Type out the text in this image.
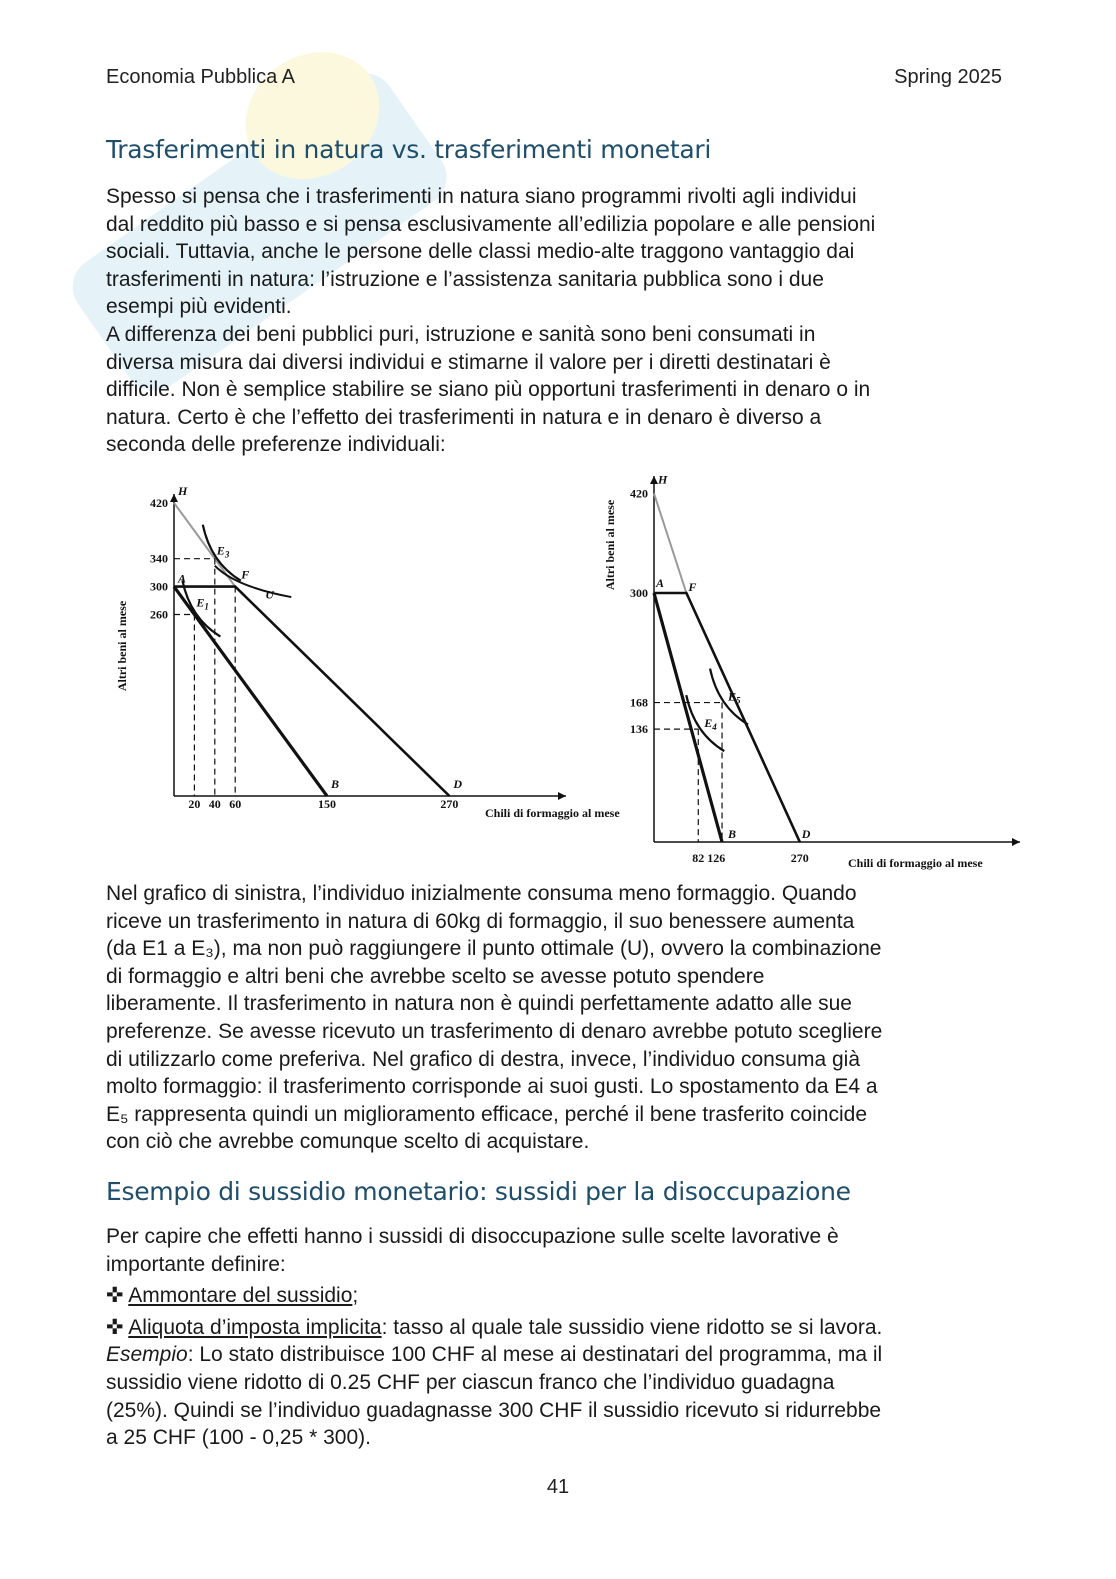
Economia Pubblica A	Spring 2025
Trasferimenti in natura vs. trasferimenti monetari
Spesso si pensa che i trasferimenti in natura siano programmi rivolti agli individui
dal reddito più basso e si pensa esclusivamente all’edilizia popolare e alle pensioni
sociali. Tuttavia, anche le persone delle classi medio-alte traggono vantaggio dai
trasferimenti in natura: l’istruzione e l’assistenza sanitaria pubblica sono i due
esempi più evidenti.
A differenza dei beni pubblici puri, istruzione e sanità sono beni consumati in
diversa misura dai diversi individui e stimarne il valore per i diretti destinatari è
difficile. Non è semplice stabilire se siano più opportuni trasferimenti in denaro o in
natura. Certo è che l’effetto dei trasferimenti in natura e in denaro è diverso a
seconda delle preferenze individuali:
Altri beni al mese
Chili di formaggio al mese
420
340
300
260
20 40 60	150	270
H
A	F
U
B	D
$E_1$
$E_3$	Altri beni al mese
Chili di formaggio al mese
420
300
168
136
82 126	270
H
A F
B	D
$E_4$
$E_5$
Nel grafico di sinistra, l’individuo inizialmente consuma meno formaggio. Quando
riceve un trasferimento in natura di 60kg di formaggio, il suo benessere aumenta
(da E1 a E₃), ma non può raggiungere il punto ottimale (U), ovvero la combinazione
di formaggio e altri beni che avrebbe scelto se avesse potuto spendere
liberamente. Il trasferimento in natura non è quindi perfettamente adatto alle sue
preferenze. Se avesse ricevuto un trasferimento di denaro avrebbe potuto scegliere
di utilizzarlo come preferiva. Nel grafico di destra, invece, l’individuo consuma già
molto formaggio: il trasferimento corrisponde ai suoi gusti. Lo spostamento da E4 a
E₅ rappresenta quindi un miglioramento efficace, perché il bene trasferito coincide
con ciò che avrebbe comunque scelto di acquistare.
Esempio di sussidio monetario: sussidi per la disoccupazione
Per capire che effetti hanno i sussidi di disoccupazione sulle scelte lavorative è
importante definire:
✜ Ammontare del sussidio;
✜ Aliquota d’imposta implicita: tasso al quale tale sussidio viene ridotto se si lavora.
Esempio: Lo stato distribuisce 100 CHF al mese ai destinatari del programma, ma il
sussidio viene ridotto di 0.25 CHF per ciascun franco che l’individuo guadagna
(25%). Quindi se l’individuo guadagnasse 300 CHF il sussidio ricevuto si ridurrebbe
a 25 CHF (100 - 0,25 * 300).
41
